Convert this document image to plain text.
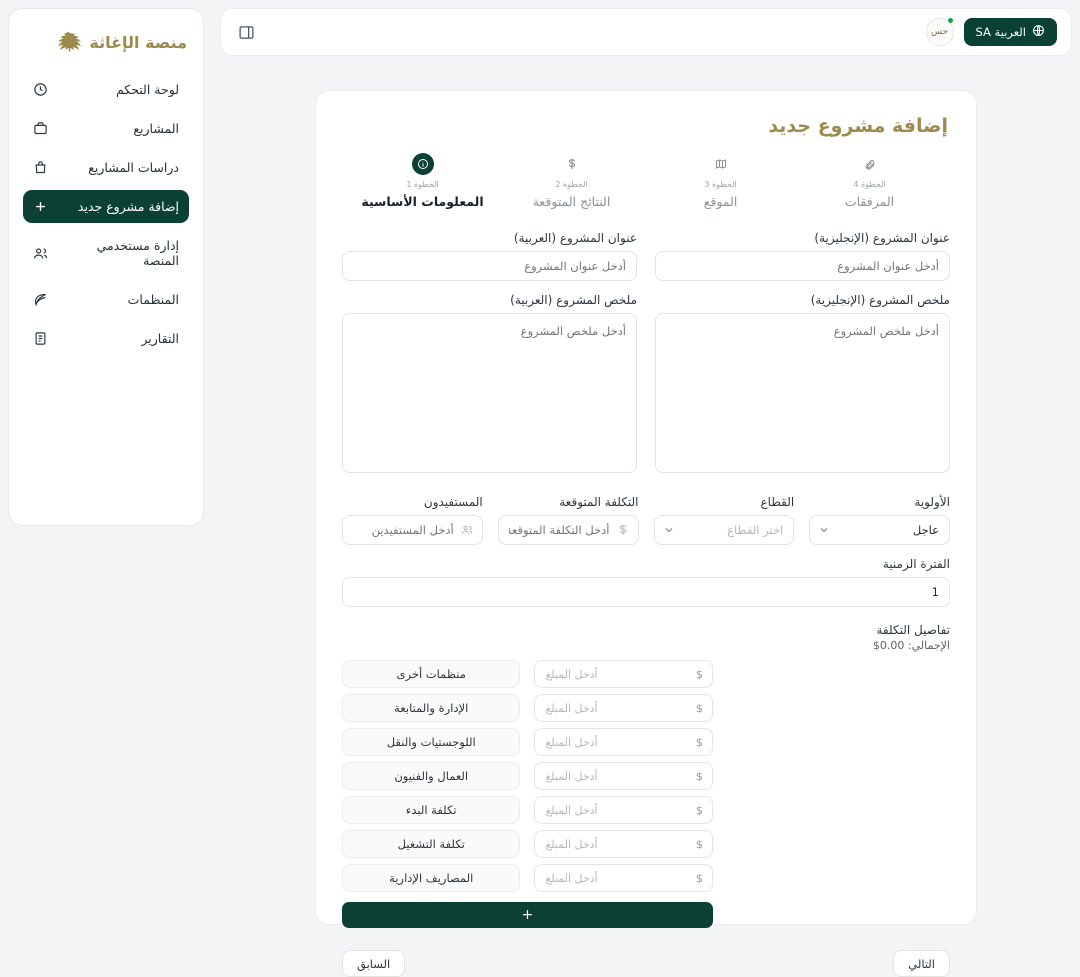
العربية SA
حس
إضافة مشروع جديد
الخطوة 4
المرفقات
الخطوة 3
الموقع
الخطوة 2
النتائج المتوقعة
الخطوة 1
المعلومات الأساسية
عنوان المشروع (الإنجليزية)
أدخل عنوان المشروع
عنوان المشروع (العربية)
أدخل عنوان المشروع
ملخص المشروع (الإنجليزية)
أدخل ملخص المشروع
ملخص المشروع (العربية)
أدخل ملخص المشروع
الأولوية
عاجل
القطاع
اختر القطاع
التكلفة المتوقعة
أدخل التكلفة المتوقعة
المستفيدون
أدخل المستفيدين
الفترة الزمنية
1
تفاصيل التكلفة
الإجمالي: 0.00$
$
أدخل المبلغ
منظمات أخرى
$
أدخل المبلغ
الإدارة والمتابعة
$
أدخل المبلغ
اللوجستيات والنقل
$
أدخل المبلغ
العمال والفنيون
$
أدخل المبلغ
تكلفة البدء
$
أدخل المبلغ
تكلفة التشغيل
$
أدخل المبلغ
المصاريف الإدارية
+
التالي
السابق
منصة الإغاثة
لوحة التحكم
المشاريع
دراسات المشاريع
إضافة مشروع جديد
إدارة مستخدمي المنصة
المنظمات
التقارير
